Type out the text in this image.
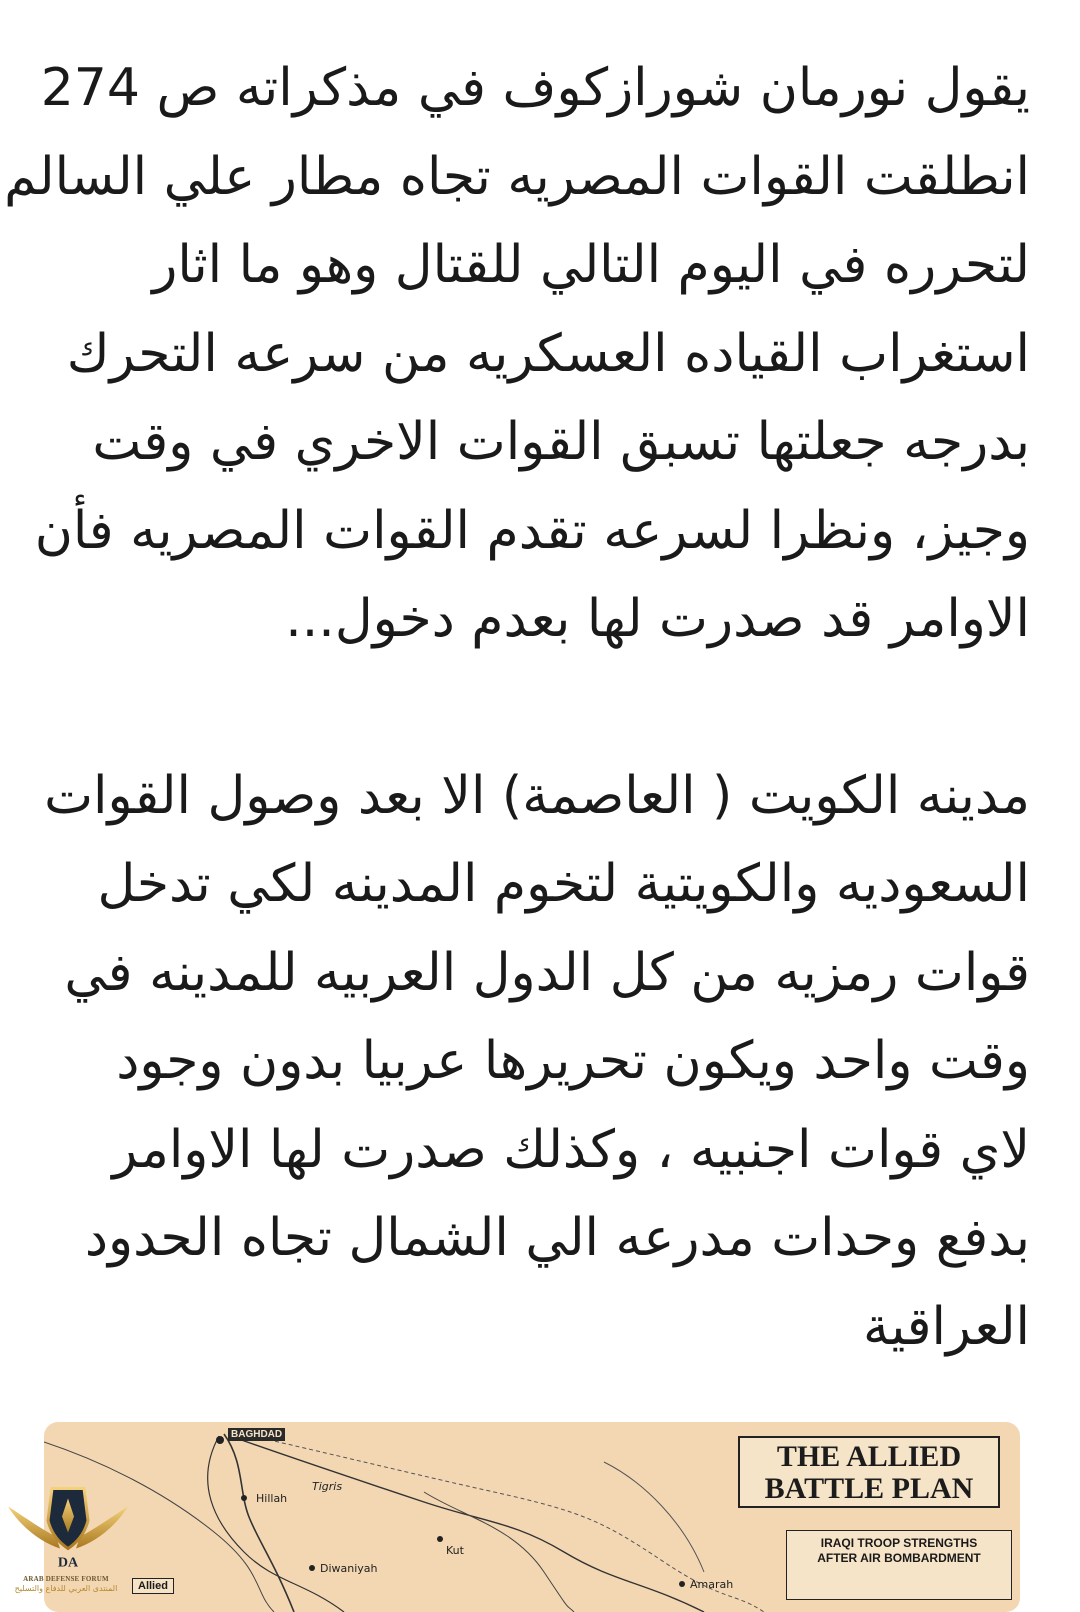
يقول نورمان شورازكوف في مذكراته ص 274
انطلقت القوات المصريه تجاه مطار علي السالم
لتحرره في اليوم التالي للقتال وهو ما اثار
استغراب القياده العسكريه من سرعه التحرك
بدرجه جعلتها تسبق القوات الاخري في وقت
وجيز، ونظرا لسرعه تقدم القوات المصريه فأن
الاوامر قد صدرت لها بعدم دخول...
مدينه الكويت ( العاصمة) الا بعد وصول القوات
السعوديه والكويتية لتخوم المدينه لكي تدخل
قوات رمزيه من كل الدول العربيه للمدينه في
وقت واحد ويكون تحريرها عربيا بدون وجود
لاي قوات اجنبيه ، وكذلك صدرت لها الاوامر
بدفع وحدات مدرعه الي الشمال تجاه الحدود
العراقية
BAGHDAD
Hillah
Tigris
Kut
Diwaniyah
Amarah
Allied
THE ALLIED
BATTLE PLAN
IRAQI TROOP STRENGTHS
AFTER AIR BOMBARDMENT
DA
ARAB DEFENSE FORUM
المنتدى العربي للدفاع والتسليح
